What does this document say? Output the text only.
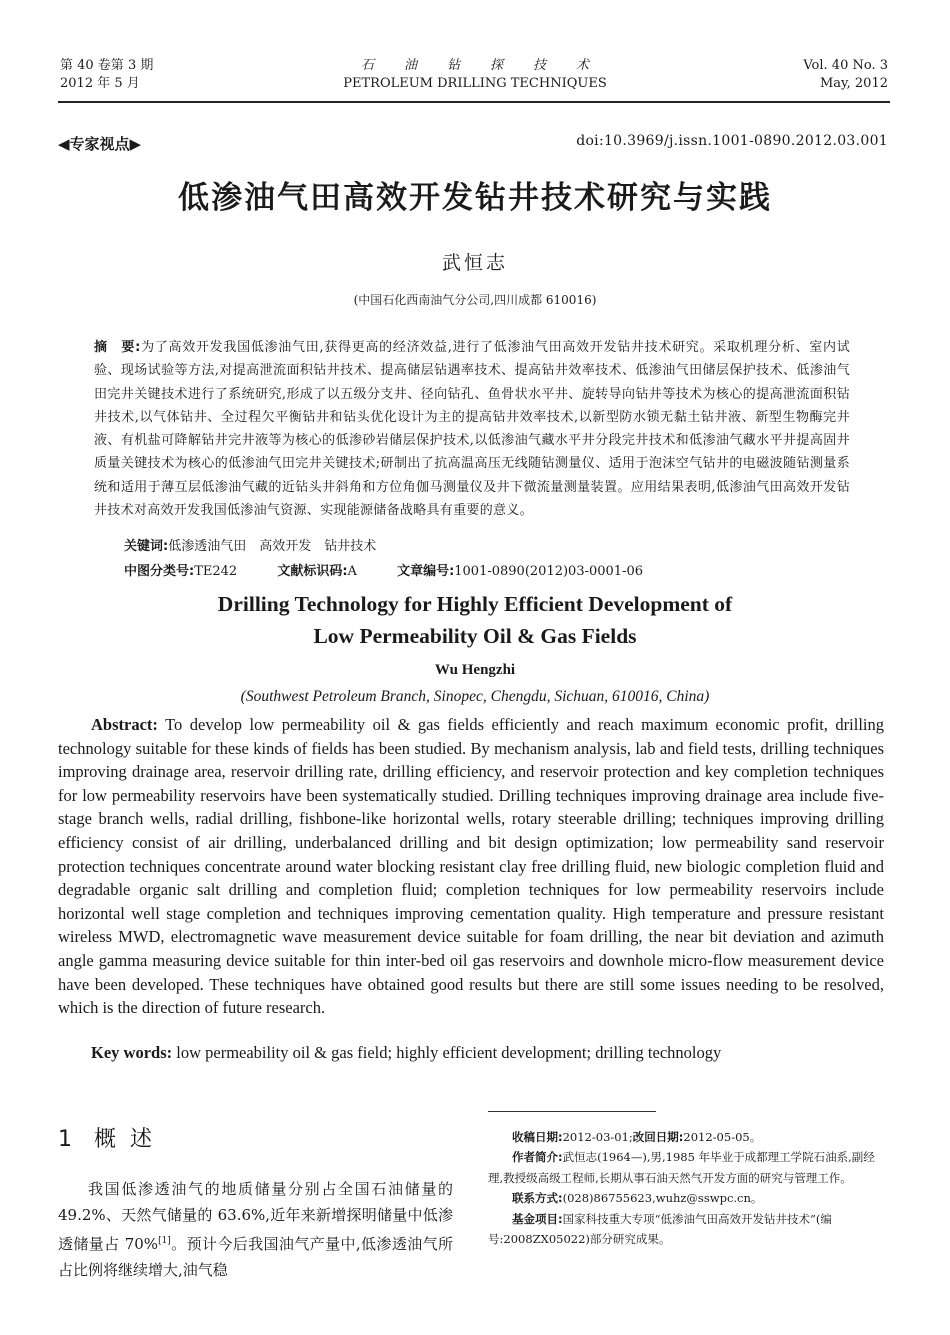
第 40 卷第 3 期
2012 年 5 月
石油钻探技术
PETROLEUM DRILLING TECHNIQUES
Vol. 40 No. 3
May, 2012
◀专家视点▶	doi:10.3969/j.issn.1001-0890.2012.03.001
低渗油气田高效开发钻井技术研究与实践
武恒志
(中国石化西南油气分公司,四川成都 610016)
摘　要:为了高效开发我国低渗油气田,获得更高的经济效益,进行了低渗油气田高效开发钻井技术研究。采取机理分析、室内试验、现场试验等方法,对提高泄流面积钻井技术、提高储层钻遇率技术、提高钻井效率技术、低渗油气田储层保护技术、低渗油气田完井关键技术进行了系统研究,形成了以五级分支井、径向钻孔、鱼骨状水平井、旋转导向钻井等技术为核心的提高泄流面积钻井技术,以气体钻井、全过程欠平衡钻井和钻头优化设计为主的提高钻井效率技术,以新型防水锁无黏土钻井液、新型生物酶完井液、有机盐可降解钻井完井液等为核心的低渗砂岩储层保护技术,以低渗油气藏水平井分段完井技术和低渗油气藏水平井提高固井质量关键技术为核心的低渗油气田完井关键技术;研制出了抗高温高压无线随钻测量仪、适用于泡沫空气钻井的电磁波随钻测量系统和适用于薄互层低渗油气藏的近钻头井斜角和方位角伽马测量仪及井下微流量测量装置。应用结果表明,低渗油气田高效开发钻井技术对高效开发我国低渗油气资源、实现能源储备战略具有重要的意义。
关键词:低渗透油气田　高效开发　钻井技术
中图分类号:TE242	文献标识码:A	文章编号:1001-0890(2012)03-0001-06
Drilling Technology for Highly Efficient Development of
Low Permeability Oil & Gas Fields
Wu Hengzhi
(Southwest Petroleum Branch, Sinopec, Chengdu, Sichuan, 610016, China)

Abstract: To develop low permeability oil & gas fields efficiently and reach maximum economic profit, drilling technology suitable for these kinds of fields has been studied. By mechanism analysis, lab and field tests, drilling techniques improving drainage area, reservoir drilling rate, drilling efficiency, and reservoir protection and key completion techniques for low permeability reservoirs have been systematically studied. Drilling techniques improving drainage area include five-stage branch wells, radial drilling, fishbone-like horizontal wells, rotary steerable drilling; techniques improving drilling efficiency consist of air drilling, underbalanced drilling and bit design optimization; low permeability sand reservoir protection techniques concentrate around water blocking resistant clay free drilling fluid, new biologic completion fluid and degradable organic salt drilling and completion fluid; completion techniques for low permeability reservoirs include horizontal well stage completion and techniques improving cementation quality. High temperature and pressure resistant wireless MWD, electromagnetic wave measurement device suitable for foam drilling, the near bit deviation and azimuth angle gamma measuring device suitable for thin inter-bed oil gas reservoirs and downhole micro-flow measurement device have been developed. These techniques have obtained good results but there are still some issues needing to be resolved, which is the direction of future research.

Key words: low permeability oil & gas field; highly efficient development; drilling technology
1 概述

我国低渗透油气的地质储量分别占全国石油储量的 49.2%、天然气储量的 63.6%,近年来新增探明储量中低渗透储量占 70%[1]。预计今后我国油气产量中,低渗透油气所占比例将继续增大,油气稳

收稿日期:2012-03-01;改回日期:2012-05-05。

作者简介:武恒志(1964—),男,1985 年毕业于成都理工学院石油系,副经理,教授级高级工程师,长期从事石油天然气开发方面的研究与管理工作。

联系方式:(028)86755623,wuhz@sswpc.cn。

基金项目:国家科技重大专项“低渗油气田高效开发钻井技术”(编号:2008ZX05022)部分研究成果。
